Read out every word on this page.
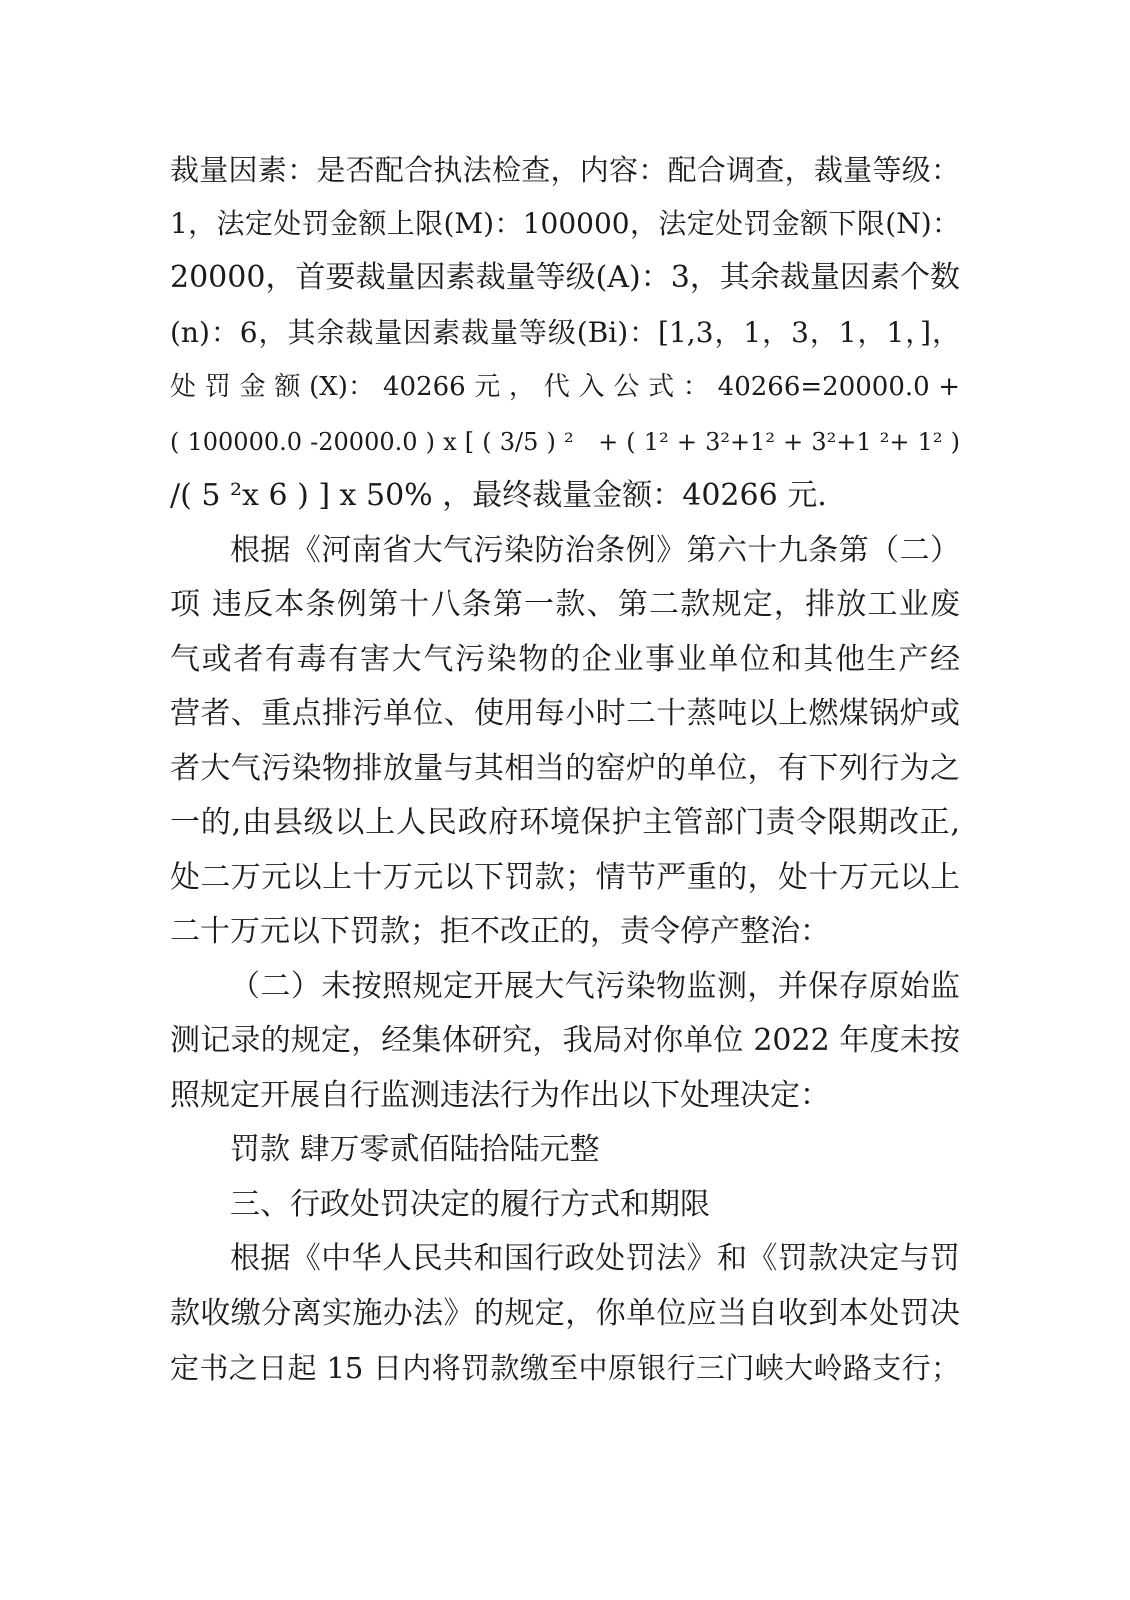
裁量因素：是否配合执法检查，内容：配合调查，裁量等级：
1，法定处罚金额上限(M)：100000，法定处罚金额下限(N)：
20000，首要裁量因素裁量等级(A)：3，其余裁量因素个数
(n)：6，其余裁量因素裁量等级(Bi)：[1,3，1，3，1，1，]，
处 罚 金 额 (X)： 40266 元 ， 代 入 公 式 ： 40266=20000.0 +
( 100000.0 -20000.0 ) x [ ( 3/5 ) ²   + ( 1² + 3²+1² + 3²+1 ²+ 1² )
/( 5 ²x 6 ) ] x 50% ，最终裁量金额：40266 元.
根据《河南省大气污染防治条例》第六十九条第（二）
项 违反本条例第十八条第一款、第二款规定，排放工业废
气或者有毒有害大气污染物的企业事业单位和其他生产经
营者、重点排污单位、使用每小时二十蒸吨以上燃煤锅炉或
者大气污染物排放量与其相当的窑炉的单位，有下列行为之
一的,由县级以上人民政府环境保护主管部门责令限期改正,
处二万元以上十万元以下罚款；情节严重的，处十万元以上
二十万元以下罚款；拒不改正的，责令停产整治：
（二）未按照规定开展大气污染物监测，并保存原始监
测记录的规定，经集体研究，我局对你单位 2022 年度未按
照规定开展自行监测违法行为作出以下处理决定：
罚款 肆万零贰佰陆拾陆元整
三、行政处罚决定的履行方式和期限
根据《中华人民共和国行政处罚法》和《罚款决定与罚
款收缴分离实施办法》的规定，你单位应当自收到本处罚决
定书之日起 15 日内将罚款缴至中原银行三门峡大岭路支行；
